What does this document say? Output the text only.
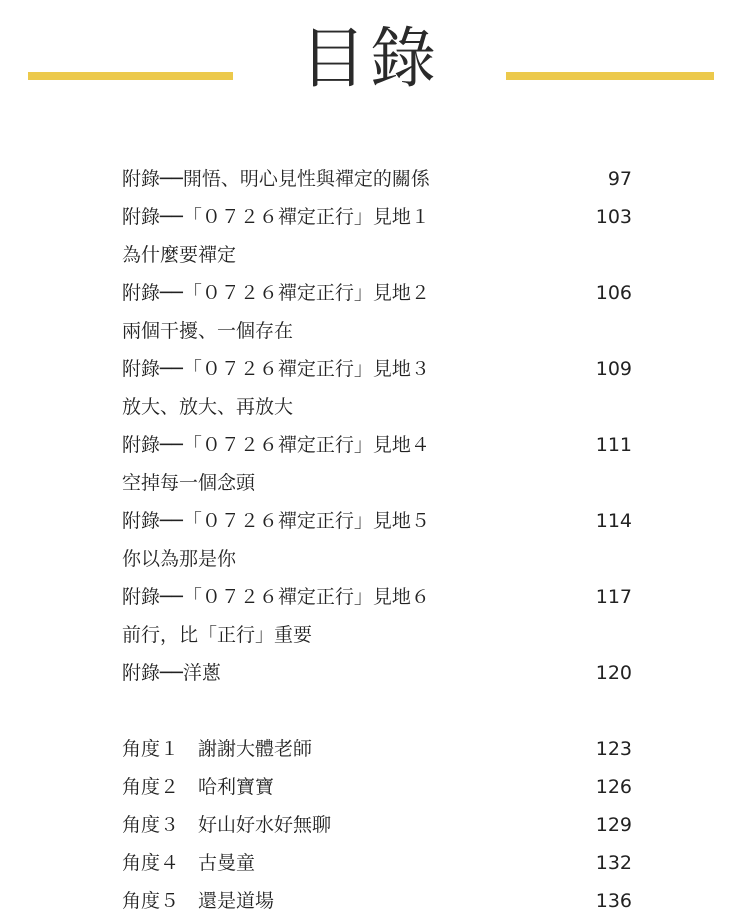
目錄
附錄──開悟、明心見性與禪定的關係	97
附錄──「０７２６禪定正行」見地１	103
為什麼要禪定
附錄──「０７２６禪定正行」見地２	106
兩個干擾、一個存在
附錄──「０７２６禪定正行」見地３	109
放大、放大、再放大
附錄──「０７２６禪定正行」見地４	111
空掉每一個念頭
附錄──「０７２６禪定正行」見地５	114
你以為那是你
附錄──「０７２６禪定正行」見地６	117
前行，比「正行」重要
附錄──洋蔥	120
角度１　謝謝大體老師	123
角度２　哈利寶寶	126
角度３　好山好水好無聊	129
角度４　古曼童	132
角度５　還是道場	136
